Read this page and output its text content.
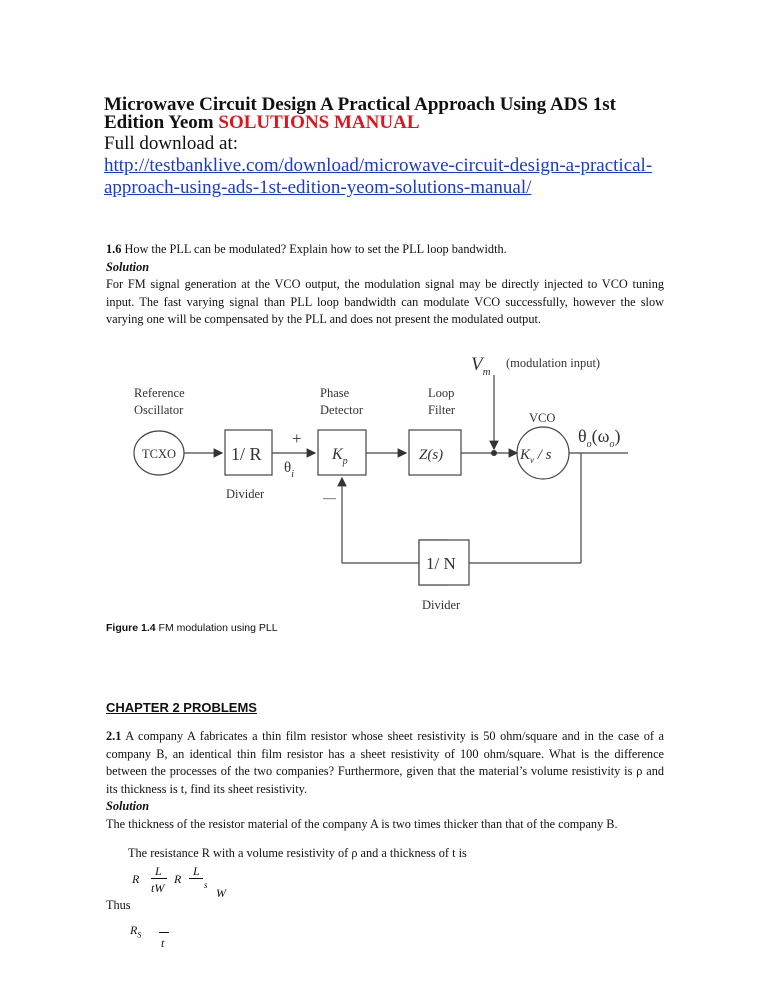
Microwave Circuit Design A Practical Approach Using ADS 1st
Edition Yeom SOLUTIONS MANUAL
Full download at:
http://testbanklive.com/download/microwave-circuit-design-a-practical-
approach-using-ads-1st-edition-yeom-solutions-manual/
1.6 How the PLL can be modulated? Explain how to set the PLL loop bandwidth.
Solution
For FM signal generation at the VCO output, the modulation signal may be directly injected to VCO tuning input. The fast varying signal than PLL loop bandwidth can modulate VCO successfully, however the slow varying one will be compensated by the PLL and does not present the modulated output.
$V_m$
(modulation input)
Reference
Oscillator
TCXO	1/ R
Divider
Phase
Detector
$K_p$
+
—
$\theta_i$
Loop
Filter
Z(s)
VCO
$K_v$ / s
$\theta_o(\omega_o)$
1/ N
Divider
Figure 1.4 FM modulation using PLL
CHAPTER 2 PROBLEMS
2.1 A company A fabricates a thin film resistor whose sheet resistivity is 50 ohm/square and in the case of a company B, an identical thin film resistor has a sheet resistivity of 100 ohm/square. What is the difference between the processes of the two companies? Furthermore, given that the material’s volume resistivity is ρ and its thickness is t, find its sheet resistivity.
Solution
The thickness of the resistor material of the company A is two times thicker than that of the company B.
The resistance R with a volume resistivity of ρ and a thickness of t is
R
L
tW
R	s
L
W
Thus
$R_S$
t
